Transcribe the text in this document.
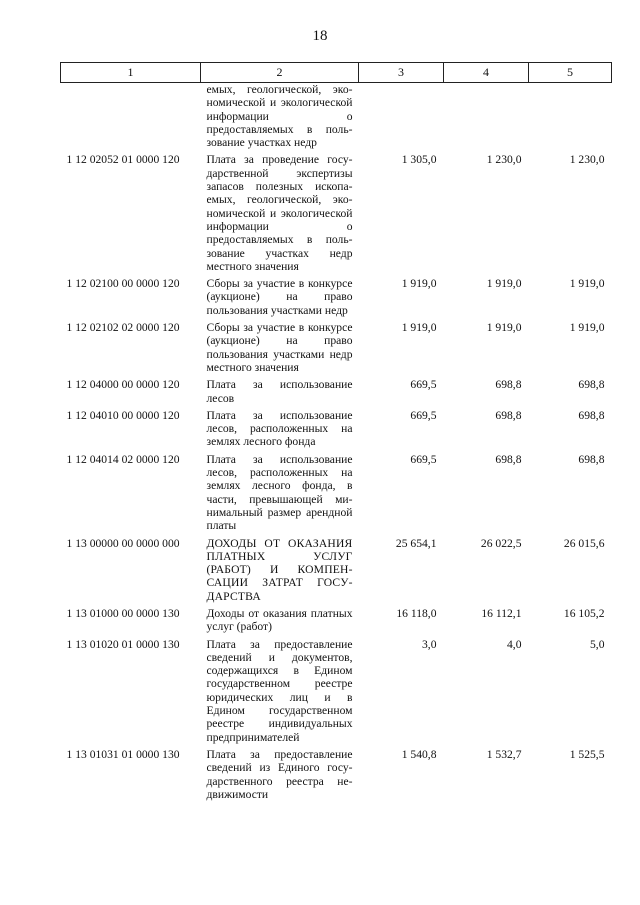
18
1	2	3	4	5
	емых, геологической, экономической и экологической информации о предоставляемых в пользование участках недр			
1 12 02052 01 0000 120	Плата за проведение государственной экспертизы запасов полезных ископаемых, геологической, экономической и экологической информации о предоставляемых в пользование участках недр местного значения	1 305,0	1 230,0	1 230,0
1 12 02100 00 0000 120	Сборы за участие в конкурсе (аукционе) на право пользования участками недр	1 919,0	1 919,0	1 919,0
1 12 02102 02 0000 120	Сборы за участие в конкурсе (аукционе) на право пользования участками недр местного значения	1 919,0	1 919,0	1 919,0
1 12 04000 00 0000 120	Плата за использование лесов	669,5	698,8	698,8
1 12 04010 00 0000 120	Плата за использование лесов, расположенных на землях лесного фонда	669,5	698,8	698,8
1 12 04014 02 0000 120	Плата за использование лесов, расположенных на землях лесного фонда, в части, превышающей минимальный размер арендной платы	669,5	698,8	698,8
1 13 00000 00 0000 000	ДОХОДЫ ОТ ОКАЗАНИЯ ПЛАТНЫХ УСЛУГ (РАБОТ) И КОМПЕНСАЦИИ ЗАТРАТ ГОСУДАРСТВА	25 654,1	26 022,5	26 015,6
1 13 01000 00 0000 130	Доходы от оказания платных услуг (работ)	16 118,0	16 112,1	16 105,2
1 13 01020 01 0000 130	Плата за предоставление сведений и документов, содержащихся в Едином государственном реестре юридических лиц и в Едином государственном реестре индивидуальных предпринимателей	3,0	4,0	5,0
1 13 01031 01 0000 130	Плата за предоставление сведений из Единого государственного реестра недвижимости	1 540,8	1 532,7	1 525,5
